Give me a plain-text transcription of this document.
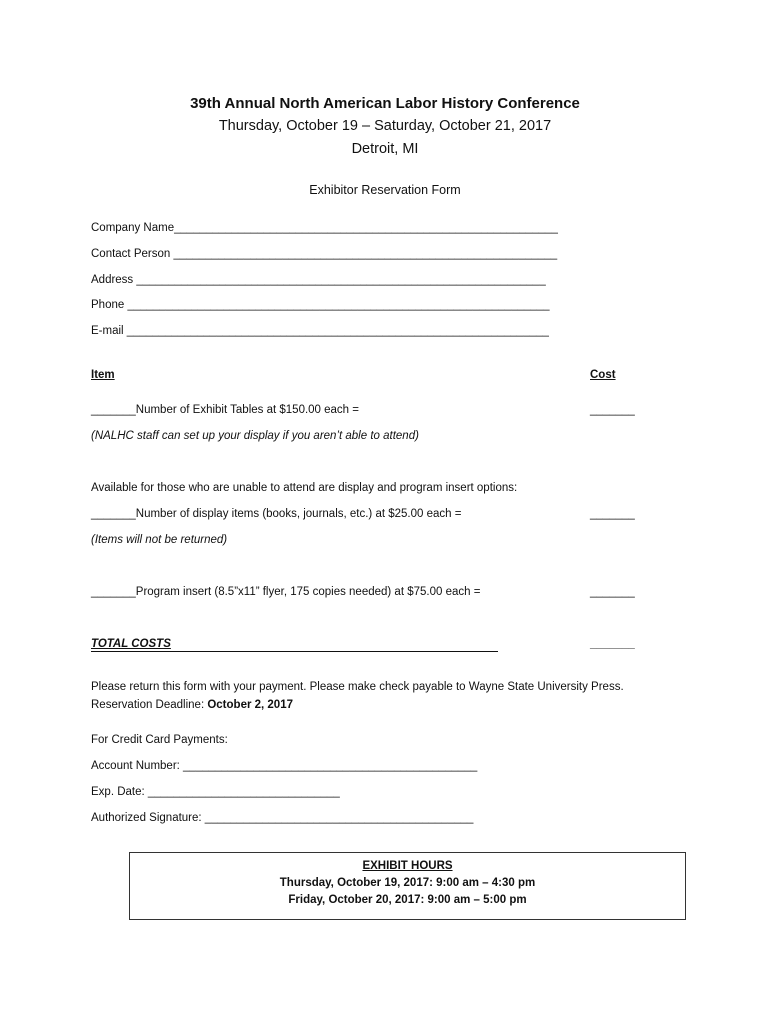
39th Annual North American Labor History Conference
Thursday, October 19 – Saturday, October 21, 2017
Detroit, MI
Exhibitor Reservation Form
Company Name____________________________________________________________
Contact Person ____________________________________________________________
Address ________________________________________________________________
Phone __________________________________________________________________
E-mail __________________________________________________________________
Item	Cost
_______Number of Exhibit Tables at $150.00 each =	_______
(NALHC staff can set up your display if you aren’t able to attend)
Available for those who are unable to attend are display and program insert options:
_______Number of display items (books, journals, etc.) at $25.00 each =	_______
(Items will not be returned)
_______Program insert (8.5”x11” flyer, 175 copies needed) at $75.00 each =	_______
TOTAL COSTS	_______
Please return this form with your payment. Please make check payable to Wayne State University Press.
Reservation Deadline: October 2, 2017
For Credit Card Payments:
Account Number: ______________________________________________
Exp. Date: ______________________________
Authorized Signature: __________________________________________
EXHIBIT HOURS
Thursday, October 19, 2017: 9:00 am – 4:30 pm
Friday, October 20, 2017: 9:00 am – 5:00 pm
